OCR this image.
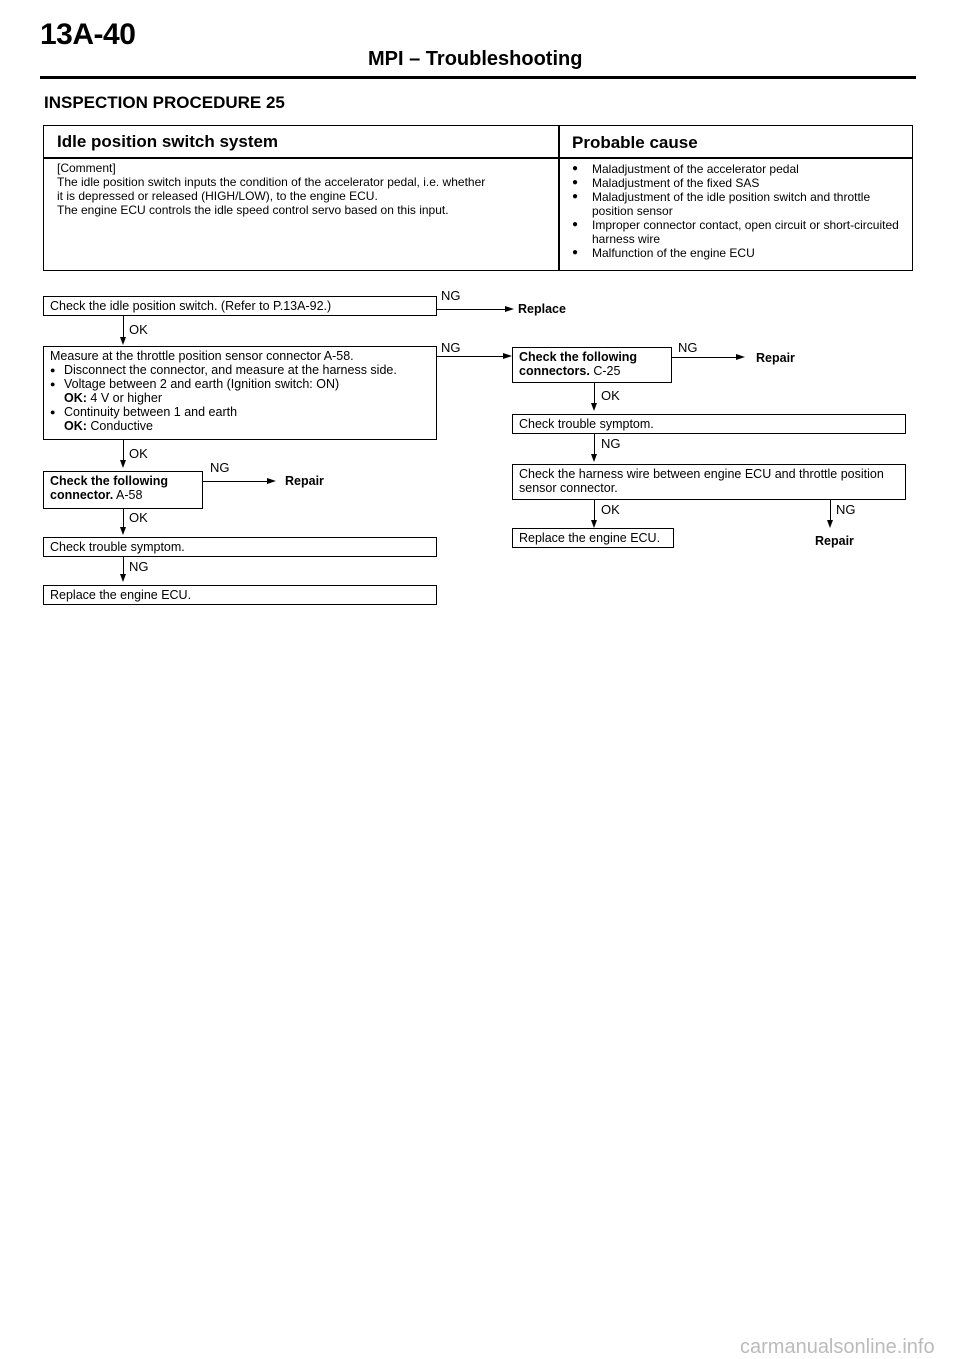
13A-40
MPI – Troubleshooting
INSPECTION PROCEDURE 25
Idle position switch system	Probable cause
[Comment]
The idle position switch inputs the condition of the accelerator pedal, i.e. whether
it is depressed or released (HIGH/LOW), to the engine ECU.
The engine ECU controls the idle speed control servo based on this input.
● Maladjustment of the accelerator pedal
● Maladjustment of the fixed SAS
● Maladjustment of the idle position switch and throttle position sensor
● Improper connector contact, open circuit or short-circuited harness wire
● Malfunction of the engine ECU
Check the idle position switch. (Refer to P.13A-92.)
NG
Replace
OK
Measure at the throttle position sensor connector A-58.
● Disconnect the connector, and measure at the harness side.
● Voltage between 2 and earth (Ignition switch: ON)
OK: 4 V or higher
● Continuity between 1 and earth
OK: Conductive
NG
OK
Check the following connector. A-58
NG
Repair
OK
Check trouble symptom.
NG
Replace the engine ECU.
Check the following connectors. C-25
NG
Repair
OK
Check trouble symptom.
NG
Check the harness wire between engine ECU and throttle position sensor connector.
OK	NG
Repair
Replace the engine ECU.
carmanualsonline.info
